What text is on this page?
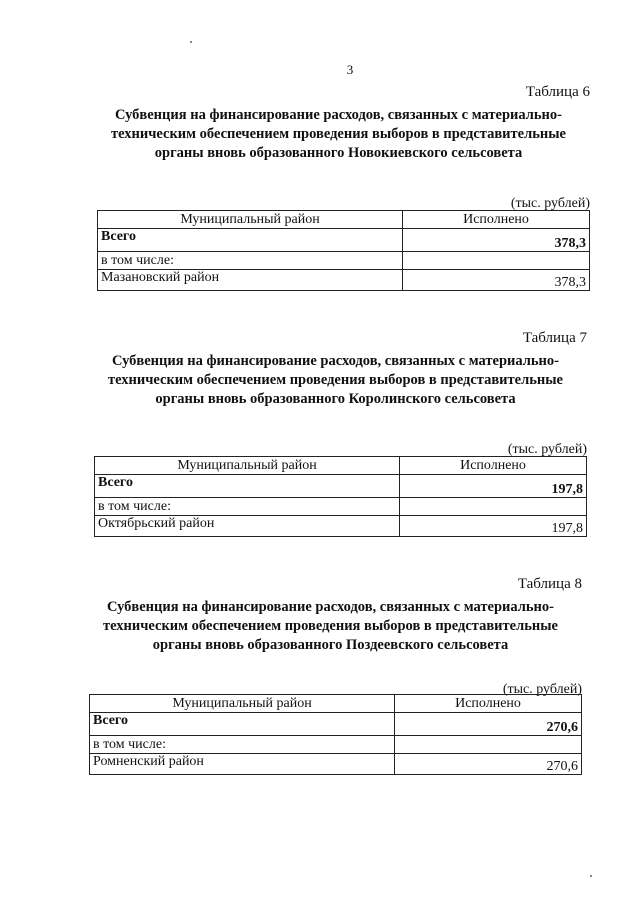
3
Таблица 6
Субвенция на финансирование расходов, связанных с материально-
техническим обеспечением проведения выборов в представительные
органы вновь образованного Новокиевского сельсовета
(тыс. рублей)
Муниципальный район	Исполнено
Всего	378,3
в том числе:	
Мазановский район	378,3
Таблица 7
Субвенция на финансирование расходов, связанных с материально-
техническим обеспечением проведения выборов в представительные
органы вновь образованного Королинского сельсовета
(тыс. рублей)
Муниципальный район	Исполнено
Всего	197,8
в том числе:	
Октябрьский район	197,8
Таблица 8
Субвенция на финансирование расходов, связанных с материально-
техническим обеспечением проведения выборов в представительные
органы вновь образованного Поздеевского сельсовета
(тыс. рублей)
Муниципальный район	Исполнено
Всего	270,6
в том числе:	
Ромненский район	270,6
